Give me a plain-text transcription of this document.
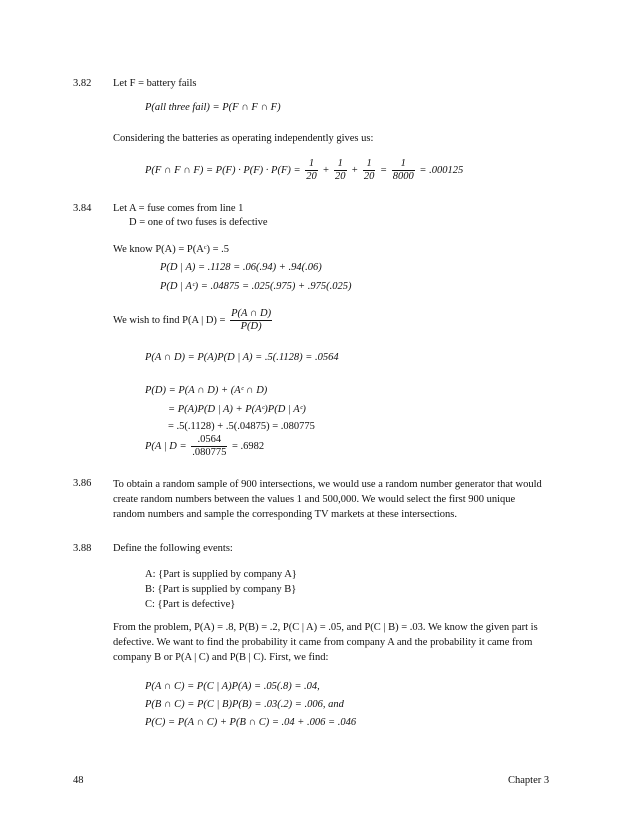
3.82 Let F = battery fails
P(all three fail) = P(F ∩ F ∩ F)
Considering the batteries as operating independently gives us:
P(F ∩ F ∩ $F) = P(F) \cdot P(F) \cdot P(F) = \frac{1}{20} + \frac{1}{20} + \frac{1}{20} = \frac{1}{8000} = .000125$
3.84 Let A = fuse comes from line 1
D = one of two fuses is defective
We know P(A) = P(Aᶜ) = .5
P(D | A) = .1128 = .06(.94) + .94(.06)
P(D | Aᶜ) = .04875 = .025(.975) + .975(.025)
We wish to find P(A | $D) = \frac{P(A \cap D)}{P(D)}$
P(A ∩ D) = P(A)P(D | A) = .5(.1128) = .0564
P(D) = P(A ∩ D) + (Aᶜ ∩ D)
= P(A)P(D | A) + P(Aᶜ)P(D | Aᶜ)
= .5(.1128) + .5(.04875) = .080775
P(A | $D = \frac{.0564}{.080775} = .6982$
3.86 To obtain a random sample of 900 intersections, we would use a random number generator that would create random numbers between the values 1 and 500,000. We would select the first 900 unique random numbers and sample the corresponding TV markets at these intersections.
3.88 Define the following events:
A: {Part is supplied by company A}
B: {Part is supplied by company B}
C: {Part is defective}
From the problem, P(A) = .8, P(B) = .2, P(C | A) = .05, and P(C | B) = .03. We know the given part is defective. We want to find the probability it came from company A and the probability it came from company B or P(A | C) and P(B | C). First, we find:
P(A ∩ C) = P(C | A)P(A) = .05(.8) = .04,
P(B ∩ C) = P(C | B)P(B) = .03(.2) = .006, and
P(C) = P(A ∩ C) + P(B ∩ C) = .04 + .006 = .046
48	Chapter 3
